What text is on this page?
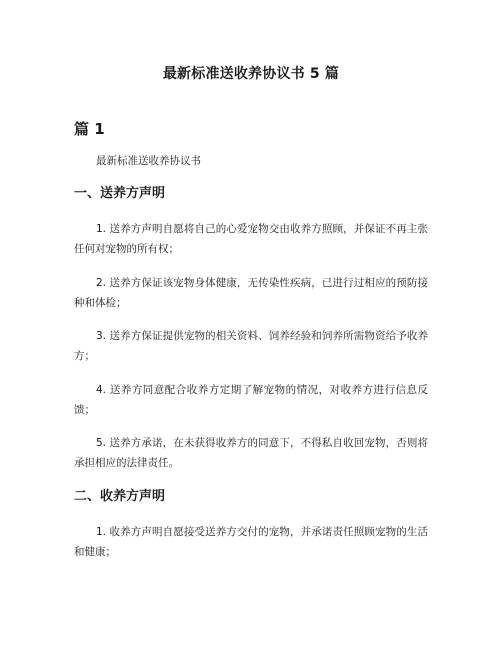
最新标准送收养协议书 5 篇
篇 1
最新标准送收养协议书
一、送养方声明
1. 送养方声明自愿将自己的心爱宠物交由收养方照顾，并保证不再主张任何对宠物的所有权；
2. 送养方保证该宠物身体健康，无传染性疾病，已进行过相应的预防接种和体检；
3. 送养方保证提供宠物的相关资料、饲养经验和饲养所需物资给予收养方；
4. 送养方同意配合收养方定期了解宠物的情况，对收养方进行信息反馈；
5. 送养方承诺，在未获得收养方的同意下，不得私自收回宠物，否则将承担相应的法律责任。
二、收养方声明
1. 收养方声明自愿接受送养方交付的宠物，并承诺责任照顾宠物的生活和健康；
